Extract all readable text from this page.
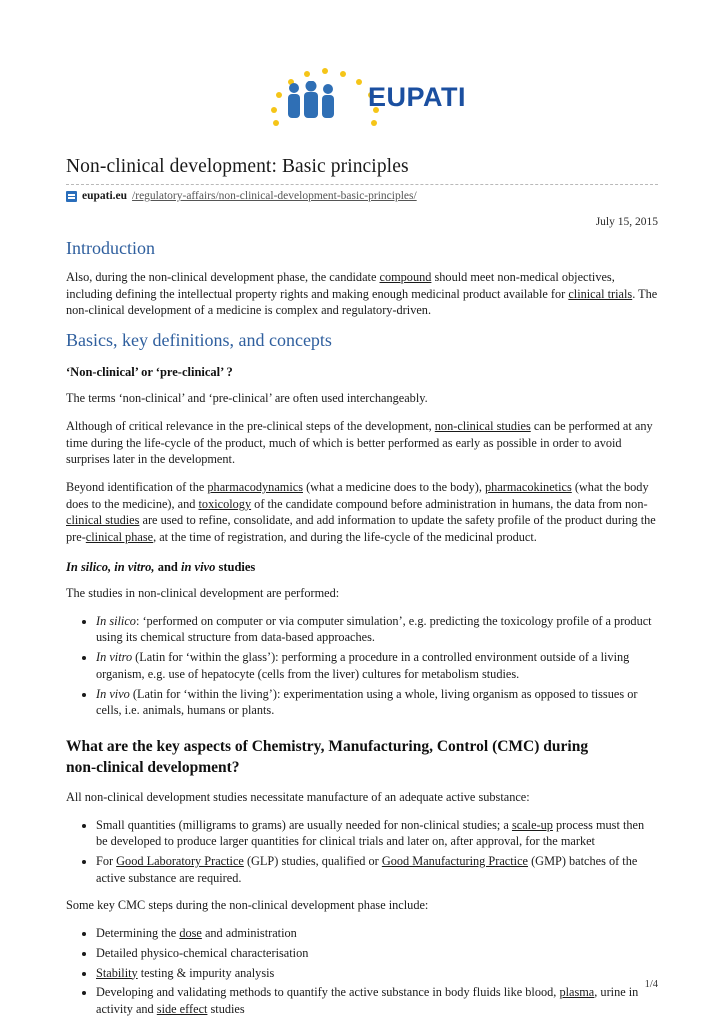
EUPATI
Non-clinical development: Basic principles
eupati.eu /regulatory-affairs/non-clinical-development-basic-principles/
July 15, 2015
Introduction

Also, during the non-clinical development phase, the candidate compound should meet non-medical objectives, including defining the intellectual property rights and making enough medicinal product available for clinical trials. The non-clinical development of a medicine is complex and regulatory-driven.

Basics, key definitions, and concepts
‘Non-clinical’ or ‘pre-clinical’ ?

The terms ‘non-clinical’ and ‘pre-clinical’ are often used interchangeably.

Although of critical relevance in the pre-clinical steps of the development, non-clinical studies can be performed at any time during the life-cycle of the product, much of which is better performed as early as possible in order to avoid surprises later in the development.

Beyond identification of the pharmacodynamics (what a medicine does to the body), pharmacokinetics (what the body does to the medicine), and toxicology of the candidate compound before administration in humans, the data from non-clinical studies are used to refine, consolidate, and add information to update the safety profile of the product during the pre-clinical phase, at the time of registration, and during the life-cycle of the medicinal product.

In silico, in vitro, and in vivo studies

The studies in non-clinical development are performed:

• In silico: ‘performed on computer or via computer simulation’, e.g. predicting the toxicology profile of a product using its chemical structure from data-based approaches.
• In vitro (Latin for ‘within the glass’): performing a procedure in a controlled environment outside of a living organism, e.g. use of hepatocyte (cells from the liver) cultures for metabolism studies.
• In vivo (Latin for ‘within the living’): experimentation using a whole, living organism as opposed to tissues or cells, i.e. animals, humans or plants.
What are the key aspects of Chemistry, Manufacturing, Control (CMC) during
non-clinical development?

All non-clinical development studies necessitate manufacture of an adequate active substance:

• Small quantities (milligrams to grams) are usually needed for non-clinical studies; a scale-up process must then be developed to produce larger quantities for clinical trials and later on, after approval, for the market
• For Good Laboratory Practice (GLP) studies, qualified or Good Manufacturing Practice (GMP) batches of the active substance are required.

Some key CMC steps during the non-clinical development phase include:

• Determining the dose and administration
• Detailed physico-chemical characterisation
• Stability testing & impurity analysis
• Developing and validating methods to quantify the active substance in body fluids like blood, plasma, urine in activity and side effect studies
1/4
